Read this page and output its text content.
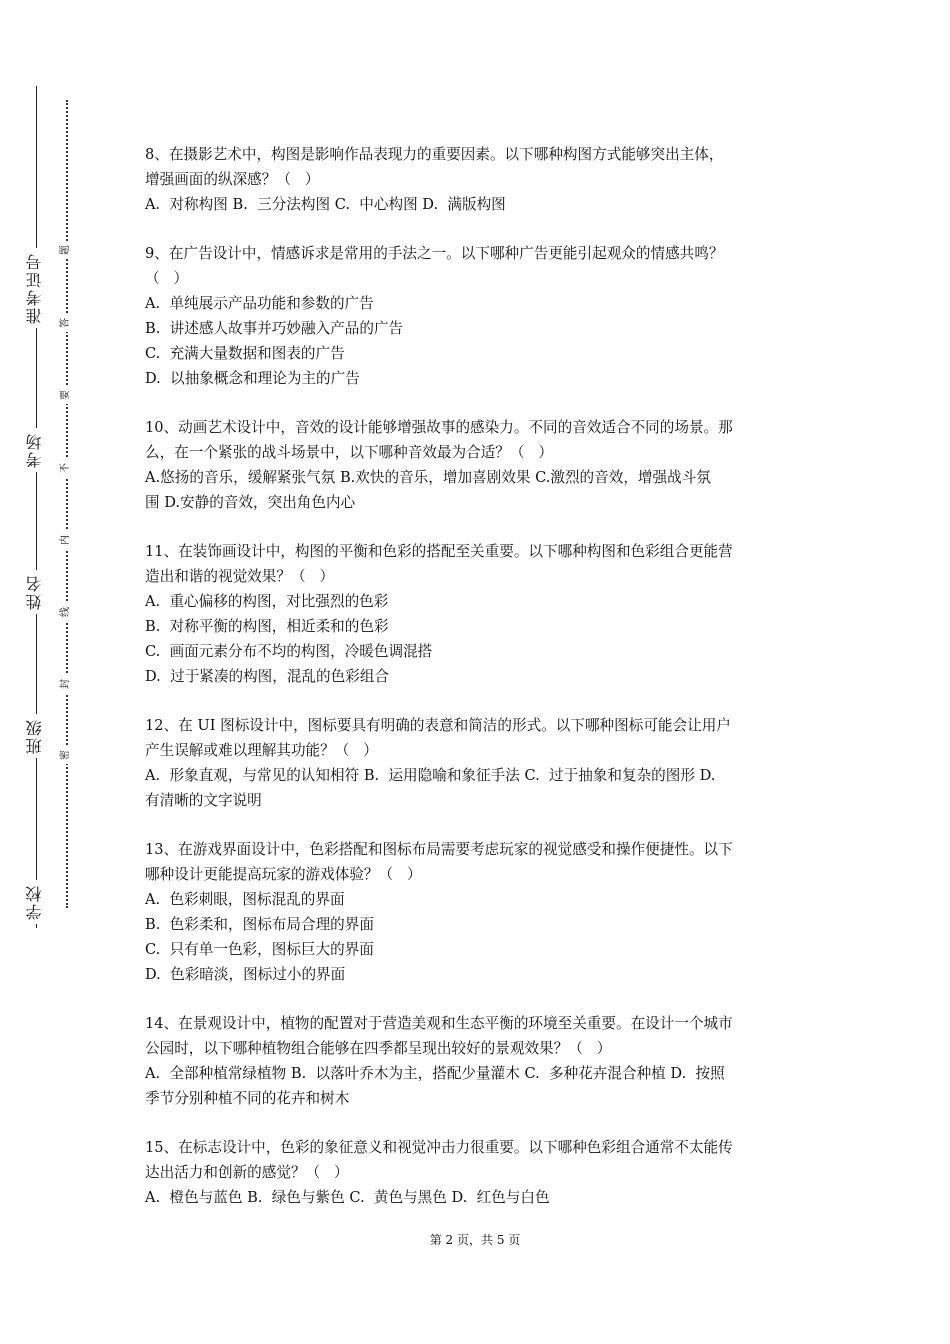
准考证号
考场
姓名
班级
学校
题
答
要
不
内
线
封
密
8、在摄影艺术中，构图是影响作品表现力的重要因素。以下哪种构图方式能够突出主体，
增强画面的纵深感？（   ）
A.  对称构图 B.  三分法构图 C.  中心构图 D.  满版构图
9、在广告设计中，情感诉求是常用的手法之一。以下哪种广告更能引起观众的情感共鸣？
（   ）
A.  单纯展示产品功能和参数的广告
B.  讲述感人故事并巧妙融入产品的广告
C.  充满大量数据和图表的广告
D.  以抽象概念和理论为主的广告
10、动画艺术设计中，音效的设计能够增强故事的感染力。不同的音效适合不同的场景。那
么，在一个紧张的战斗场景中，以下哪种音效最为合适？（   ）
A.悠扬的音乐，缓解紧张气氛 B.欢快的音乐，增加喜剧效果 C.激烈的音效，增强战斗氛
围 D.安静的音效，突出角色内心
11、在装饰画设计中，构图的平衡和色彩的搭配至关重要。以下哪种构图和色彩组合更能营
造出和谐的视觉效果？（   ）
A.  重心偏移的构图，对比强烈的色彩
B.  对称平衡的构图，相近柔和的色彩
C.  画面元素分布不均的构图，冷暖色调混搭
D.  过于紧凑的构图，混乱的色彩组合
12、在 UI 图标设计中，图标要具有明确的表意和简洁的形式。以下哪种图标可能会让用户
产生误解或难以理解其功能？（   ）
A.  形象直观，与常见的认知相符 B.  运用隐喻和象征手法 C.  过于抽象和复杂的图形 D.
有清晰的文字说明
13、在游戏界面设计中，色彩搭配和图标布局需要考虑玩家的视觉感受和操作便捷性。以下
哪种设计更能提高玩家的游戏体验？（   ）
A.  色彩刺眼，图标混乱的界面
B.  色彩柔和，图标布局合理的界面
C.  只有单一色彩，图标巨大的界面
D.  色彩暗淡，图标过小的界面
14、在景观设计中，植物的配置对于营造美观和生态平衡的环境至关重要。在设计一个城市
公园时，以下哪种植物组合能够在四季都呈现出较好的景观效果？（   ）
A.  全部种植常绿植物 B.  以落叶乔木为主，搭配少量灌木 C.  多种花卉混合种植 D.  按照
季节分别种植不同的花卉和树木
15、在标志设计中，色彩的象征意义和视觉冲击力很重要。以下哪种色彩组合通常不太能传
达出活力和创新的感觉？（   ）
A.  橙色与蓝色 B.  绿色与紫色 C.  黄色与黑色 D.  红色与白色
第 2 页，共 5 页
